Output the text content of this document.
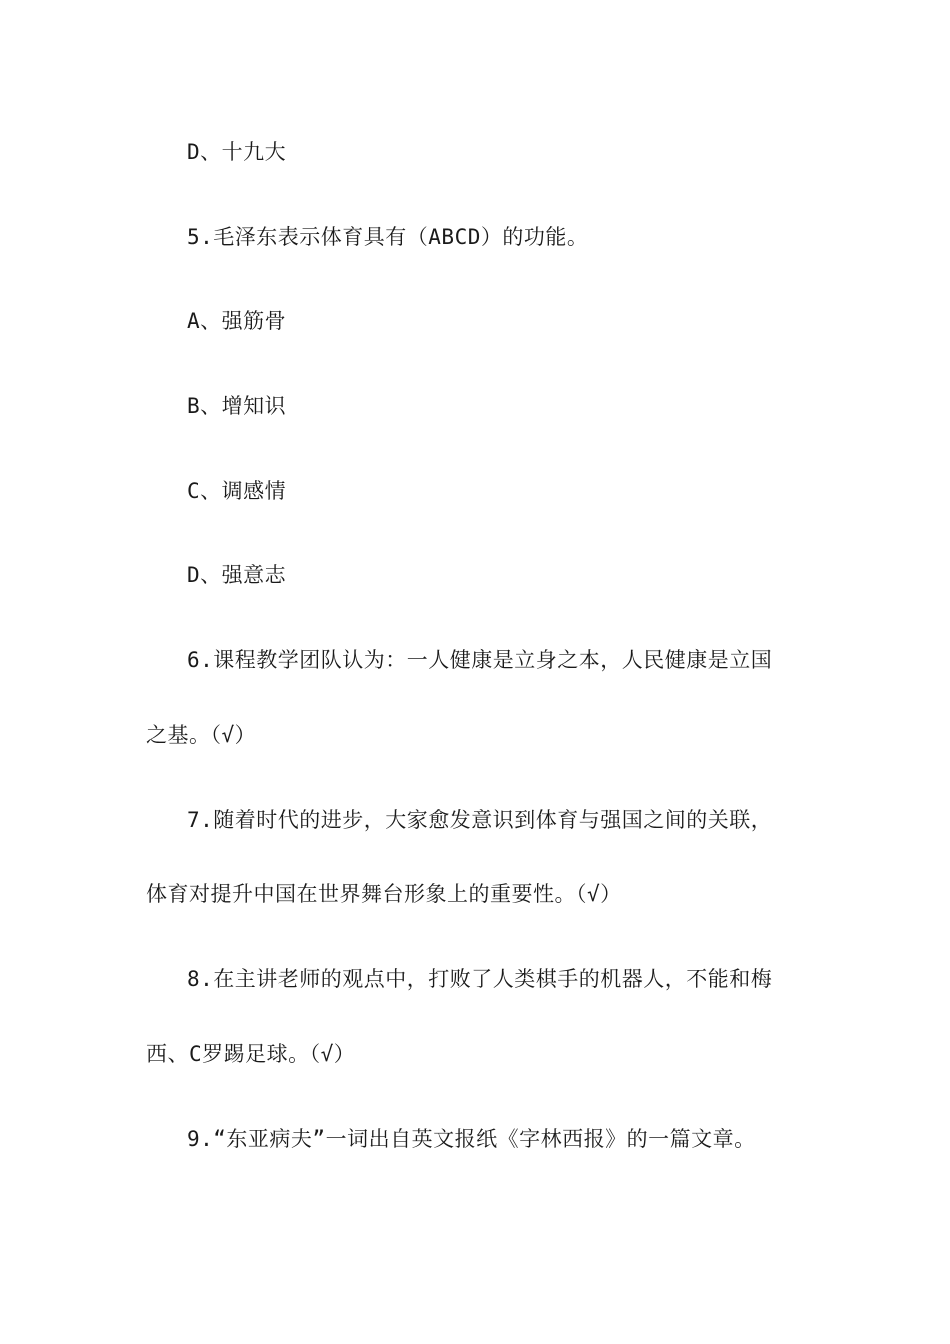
D、十九大
5.毛泽东表示体育具有（ABCD）的功能。
A、强筋骨
B、增知识
C、调感情
D、强意志
6.课程教学团队认为：一人健康是立身之本，人民健康是立国
之基。（√）
7.随着时代的进步，大家愈发意识到体育与强国之间的关联，
体育对提升中国在世界舞台形象上的重要性。（√）
8.在主讲老师的观点中，打败了人类棋手的机器人，不能和梅
西、C罗踢足球。（√）
9.“东亚病夫”一词出自英文报纸《字林西报》的一篇文章。
